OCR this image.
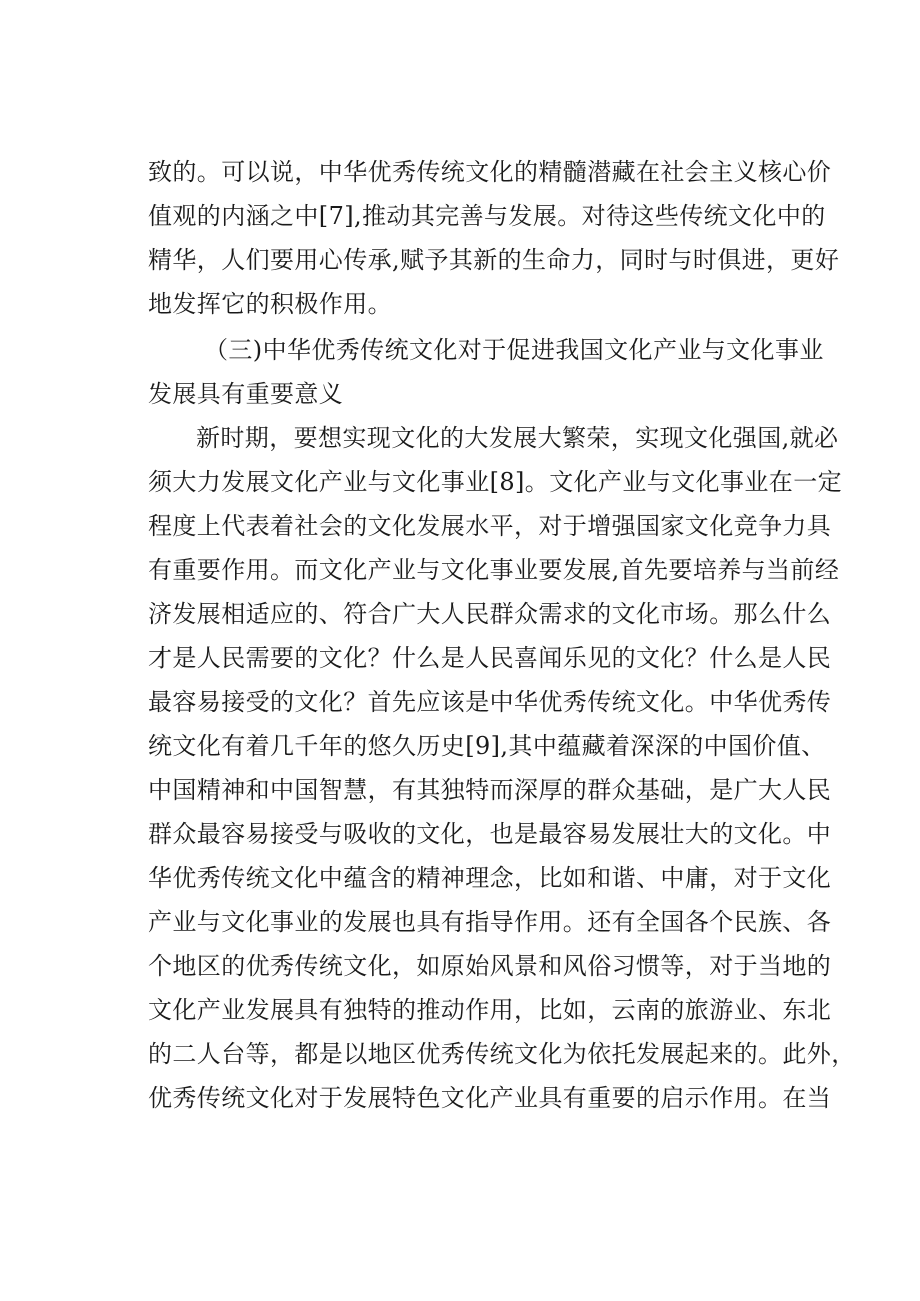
致的。可以说，中华优秀传统文化的精髓潜藏在社会主义核心价
值观的内涵之中[7],推动其完善与发展。对待这些传统文化中的
精华，人们要用心传承,赋予其新的生命力，同时与时俱进，更好
地发挥它的积极作用。
（三)中华优秀传统文化对于促进我国文化产业与文化事业
发展具有重要意义
新时期，要想实现文化的大发展大繁荣，实现文化强国,就必
须大力发展文化产业与文化事业[8]。文化产业与文化事业在一定
程度上代表着社会的文化发展水平，对于增强国家文化竞争力具
有重要作用。而文化产业与文化事业要发展,首先要培养与当前经
济发展相适应的、符合广大人民群众需求的文化市场。那么什么
才是人民需要的文化？什么是人民喜闻乐见的文化？什么是人民
最容易接受的文化？首先应该是中华优秀传统文化。中华优秀传
统文化有着几千年的悠久历史[9],其中蕴藏着深深的中国价值、
中国精神和中国智慧，有其独特而深厚的群众基础，是广大人民
群众最容易接受与吸收的文化，也是最容易发展壮大的文化。中
华优秀传统文化中蕴含的精神理念，比如和谐、中庸，对于文化
产业与文化事业的发展也具有指导作用。还有全国各个民族、各
个地区的优秀传统文化，如原始风景和风俗习惯等，对于当地的
文化产业发展具有独特的推动作用，比如，云南的旅游业、东北
的二人台等，都是以地区优秀传统文化为依托发展起来的。此外，
优秀传统文化对于发展特色文化产业具有重要的启示作用。在当
